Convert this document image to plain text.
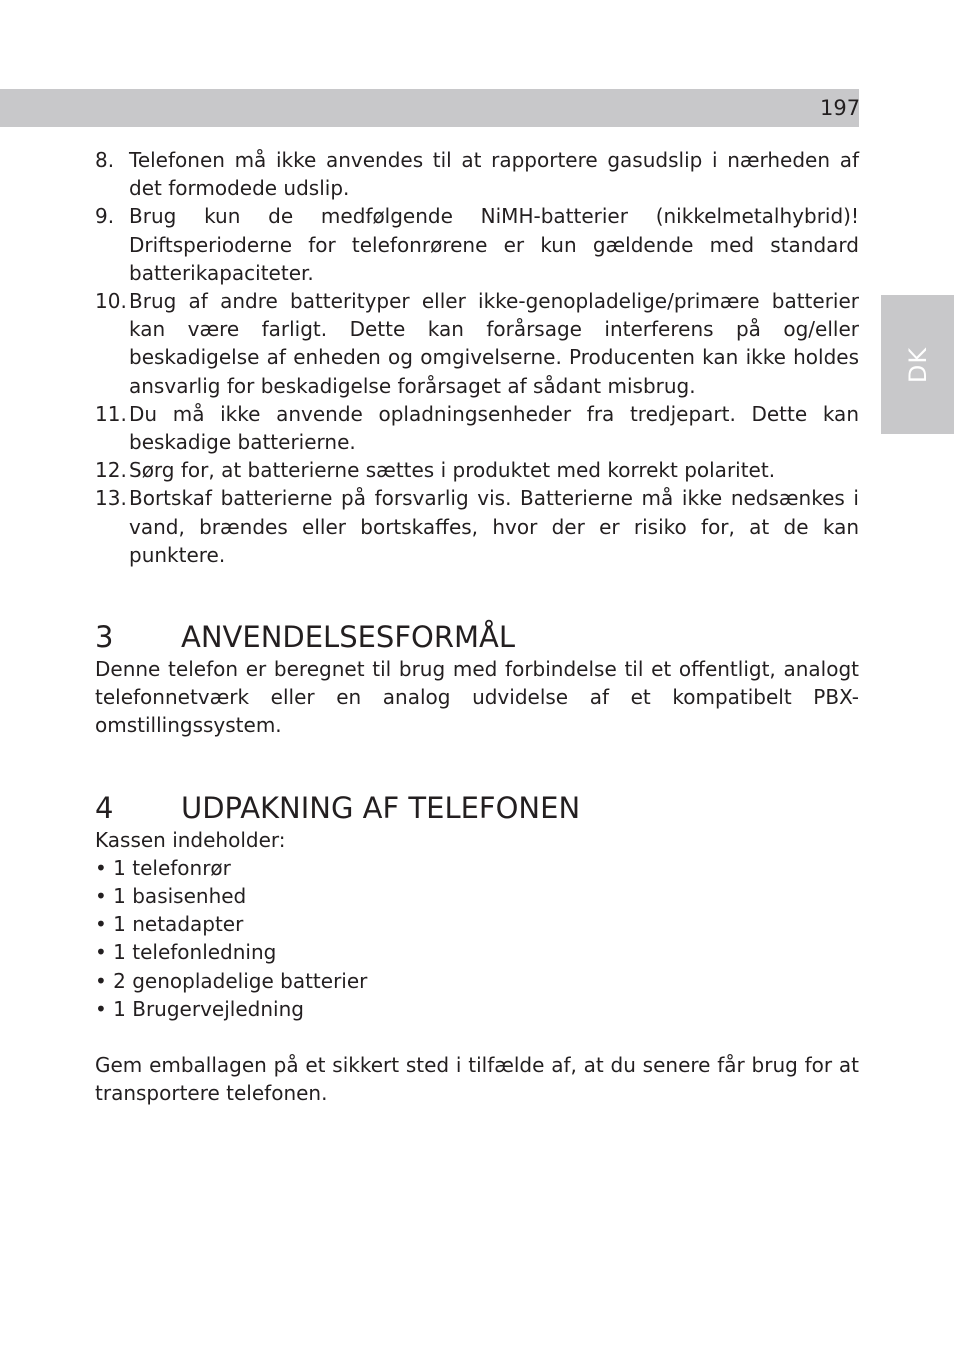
197
DK
8. Telefonen må ikke anvendes til at rapportere gasudslip i nærheden af det formodede udslip.
9. Brug kun de medfølgende NiMH-batterier (nikkelmetalhybrid)! Driftsperioderne for telefonrørene er kun gældende med standard batterikapaciteter.
10. Brug af andre batterityper eller ikke-genopladelige/primære batterier kan være farligt. Dette kan forårsage interferens på og/eller beskadigelse af enheden og omgivelserne. Producenten kan ikke holdes ansvarlig for beskadigelse forårsaget af sådant misbrug.
11. Du må ikke anvende opladningsenheder fra tredjepart. Dette kan beskadige batterierne.
12. Sørg for, at batterierne sættes i produktet med korrekt polaritet.
13. Bortskaf batterierne på forsvarlig vis. Batterierne må ikke nedsænkes i vand, brændes eller bortskaffes, hvor der er risiko for, at de kan punktere.
3	ANVENDELSESFORMÅL

Denne telefon er beregnet til brug med forbindelse til et offentligt, analogt telefonnetværk eller en analog udvidelse af et kompatibelt PBX-omstillingssystem.

4	UDPAKNING AF TELEFONEN

Kassen indeholder:

• 1 telefonrør
• 1 basisenhed
• 1 netadapter
• 1 telefonledning
• 2 genopladelige batterier
• 1 Brugervejledning

Gem emballagen på et sikkert sted i tilfælde af, at du senere får brug for at transportere telefonen.
